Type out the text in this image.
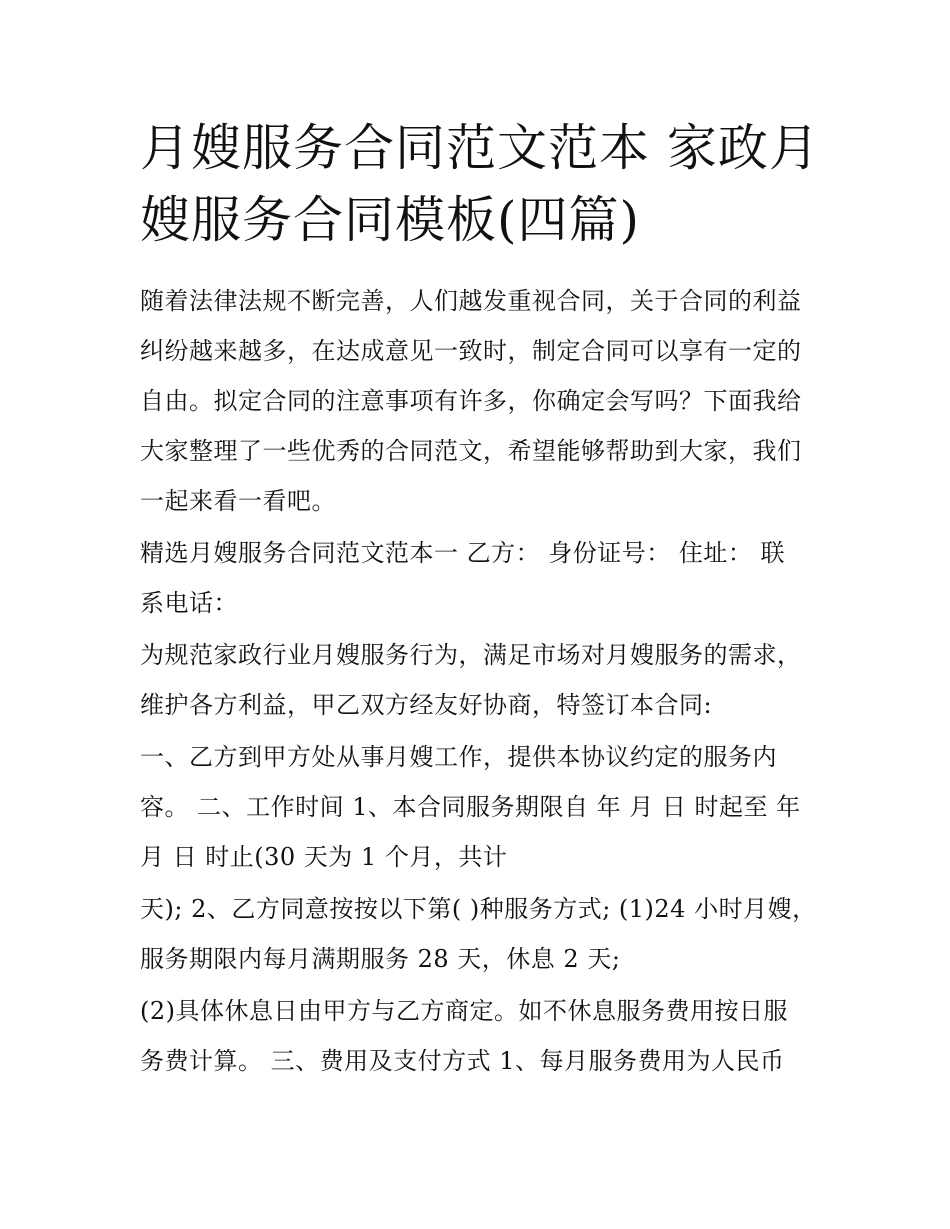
月嫂服务合同范文范本 家政月
嫂服务合同模板(四篇)

随着法律法规不断完善，人们越发重视合同，关于合同的利益

纠纷越来越多，在达成意见一致时，制定合同可以享有一定的

自由。拟定合同的注意事项有许多，你确定会写吗？下面我给

大家整理了一些优秀的合同范文，希望能够帮助到大家，我们

一起来看一看吧。

精选月嫂服务合同范文范本一 乙方： 身份证号： 住址： 联

系电话：

为规范家政行业月嫂服务行为，满足市场对月嫂服务的需求，

维护各方利益，甲乙双方经友好协商，特签订本合同:

一、乙方到甲方处从事月嫂工作，提供本协议约定的服务内

容。 二、工作时间 1、本合同服务期限自 年 月 日 时起至 年

月 日 时止(30 天为 1 个月，共计

天); 2、乙方同意按按以下第( )种服务方式; (1)24 小时月嫂，

服务期限内每月满期服务 28 天，休息 2 天;

(2)具体休息日由甲方与乙方商定。如不休息服务费用按日服

务费计算。 三、费用及支付方式 1、每月服务费用为人民币
